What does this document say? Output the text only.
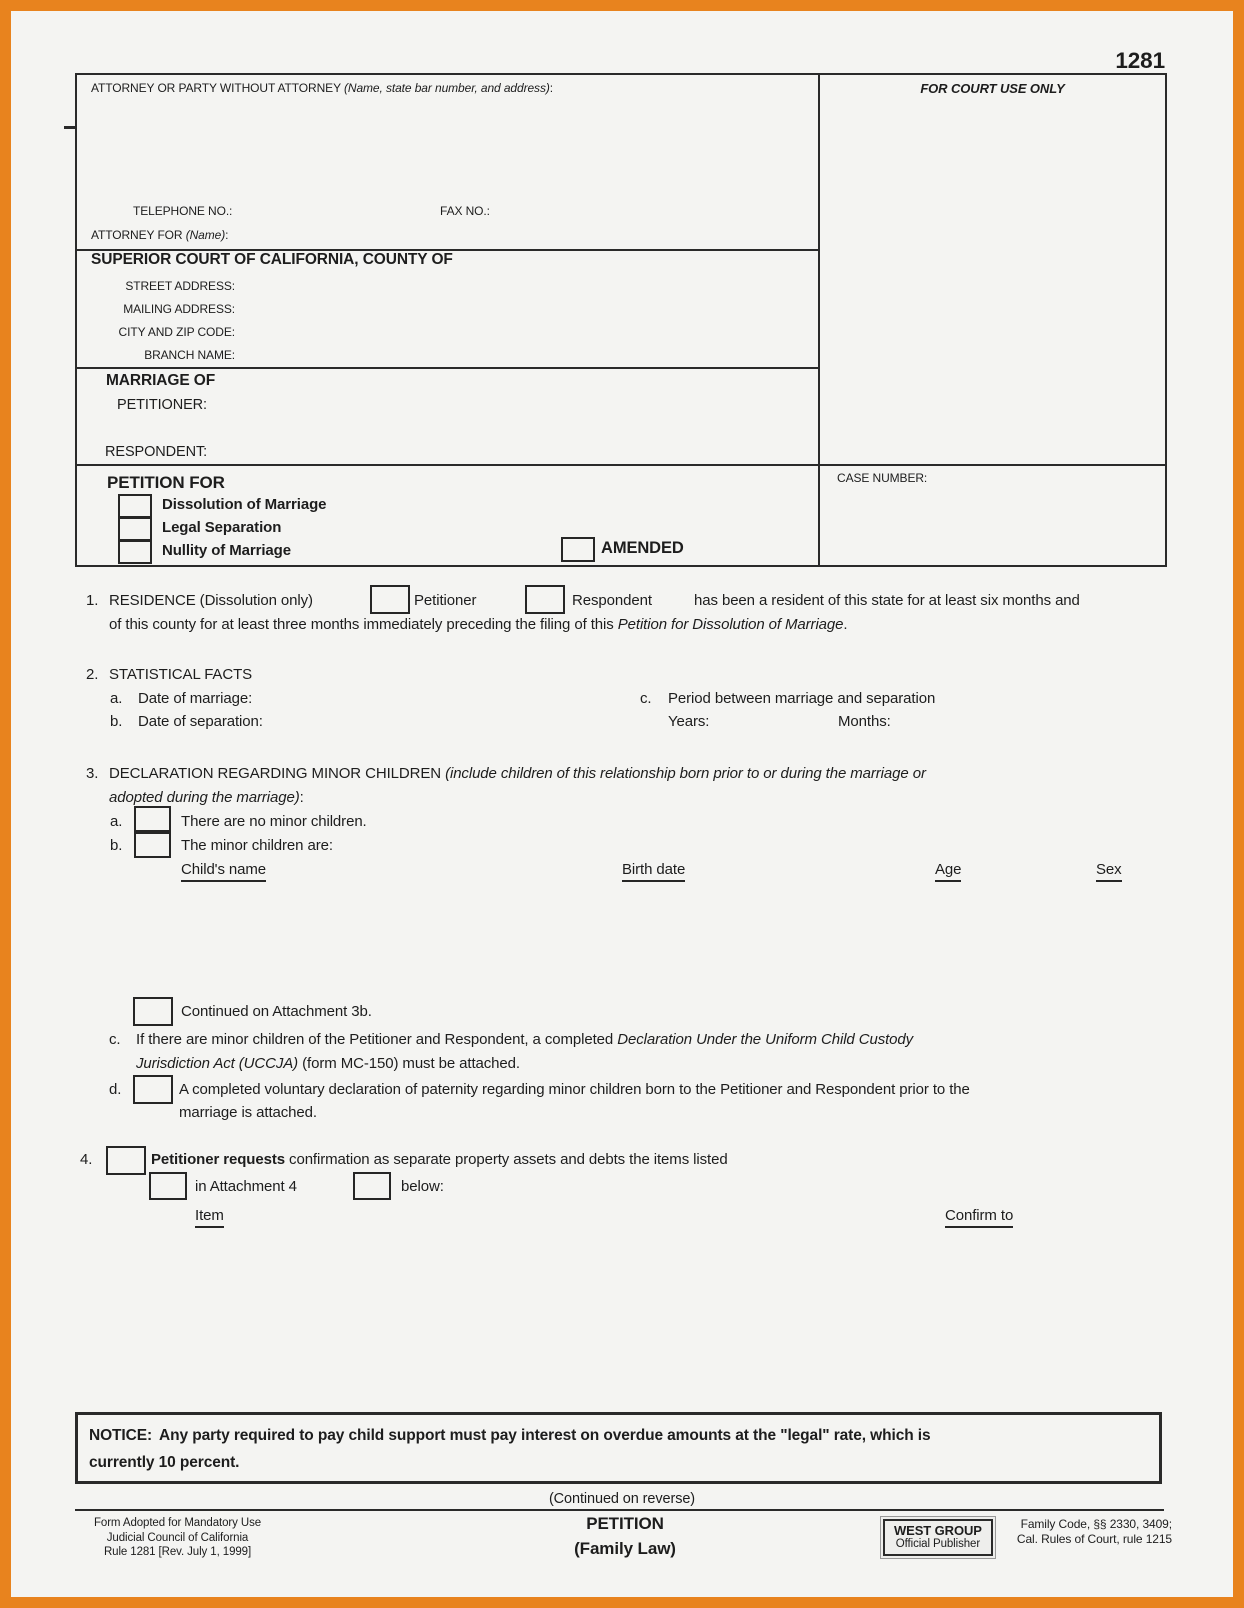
1281
ATTORNEY OR PARTY WITHOUT ATTORNEY (Name, state bar number, and address):
TELEPHONE NO.:	FAX NO.:
ATTORNEY FOR (Name):
FOR COURT USE ONLY
SUPERIOR COURT OF CALIFORNIA, COUNTY OF
STREET ADDRESS:
MAILING ADDRESS:
CITY AND ZIP CODE:
BRANCH NAME:
MARRIAGE OF
PETITIONER:
RESPONDENT:
PETITION FOR
Dissolution of Marriage
Legal Separation
Nullity of Marriage	AMENDED
CASE NUMBER:
1. RESIDENCE (Dissolution only)	Petitioner	Respondent	has been a resident of this state for at least six months and
of this county for at least three months immediately preceding the filing of this Petition for Dissolution of Marriage.
2. STATISTICAL FACTS
a. Date of marriage:	c. Period between marriage and separation
b. Date of separation:	Years:	Months:
3. DECLARATION REGARDING MINOR CHILDREN (include children of this relationship born prior to or during the marriage or
adopted during the marriage):
a.	There are no minor children.
b.	The minor children are:
Child's name	Birth date	Age	Sex
Continued on Attachment 3b.
c. If there are minor children of the Petitioner and Respondent, a completed Declaration Under the Uniform Child Custody
Jurisdiction Act (UCCJA) (form MC-150) must be attached.
d.	A completed voluntary declaration of paternity regarding minor children born to the Petitioner and Respondent prior to the
marriage is attached.
4.	Petitioner requests confirmation as separate property assets and debts the items listed
in Attachment 4	below:
Item	Confirm to
NOTICE: Any party required to pay child support must pay interest on overdue amounts at the "legal" rate, which is
currently 10 percent.
(Continued on reverse)
Form Adopted for Mandatory Use
Judicial Council of California
Rule 1281 [Rev. July 1, 1999]
PETITION
(Family Law)
WEST GROUP
Official Publisher
Family Code, §§ 2330, 3409;
Cal. Rules of Court, rule 1215
